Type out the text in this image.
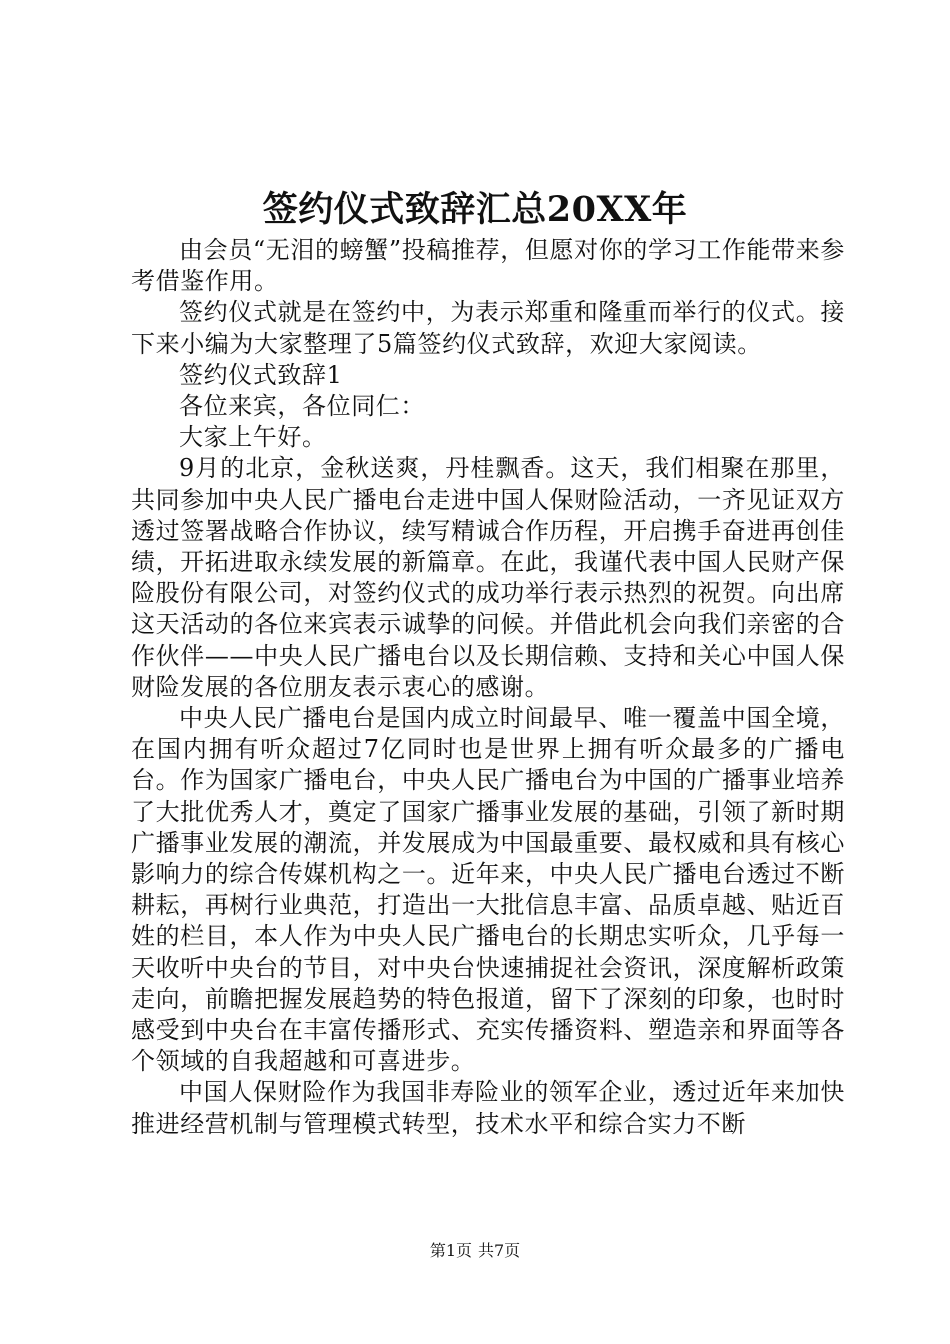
签约仪式致辞汇总20XX年

由会员“无泪的螃蟹”投稿推荐，但愿对你的学习工作能带来参考借鉴作用。

签约仪式就是在签约中，为表示郑重和隆重而举行的仪式。接下来小编为大家整理了5篇签约仪式致辞，欢迎大家阅读。

签约仪式致辞1

各位来宾，各位同仁：

大家上午好。

9月的北京，金秋送爽，丹桂飘香。这天，我们相聚在那里，共同参加中央人民广播电台走进中国人保财险活动，一齐见证双方透过签署战略合作协议，续写精诚合作历程，开启携手奋进再创佳绩，开拓进取永续发展的新篇章。在此，我谨代表中国人民财产保险股份有限公司，对签约仪式的成功举行表示热烈的祝贺。向出席这天活动的各位来宾表示诚挚的问候。并借此机会向我们亲密的合作伙伴——中央人民广播电台以及长期信赖、支持和关心中国人保财险发展的各位朋友表示衷心的感谢。

中央人民广播电台是国内成立时间最早、唯一覆盖中国全境，在国内拥有听众超过7亿同时也是世界上拥有听众最多的广播电台。作为国家广播电台，中央人民广播电台为中国的广播事业培养了大批优秀人才，奠定了国家广播事业发展的基础，引领了新时期广播事业发展的潮流，并发展成为中国最重要、最权威和具有核心影响力的综合传媒机构之一。近年来，中央人民广播电台透过不断耕耘，再树行业典范，打造出一大批信息丰富、品质卓越、贴近百姓的栏目，本人作为中央人民广播电台的长期忠实听众，几乎每一天收听中央台的节目，对中央台快速捕捉社会资讯，深度解析政策走向，前瞻把握发展趋势的特色报道，留下了深刻的印象，也时时感受到中央台在丰富传播形式、充实传播资料、塑造亲和界面等各个领域的自我超越和可喜进步。

中国人保财险作为我国非寿险业的领军企业，透过近年来加快推进经营机制与管理模式转型，技术水平和综合实力不断

第1页 共7页
